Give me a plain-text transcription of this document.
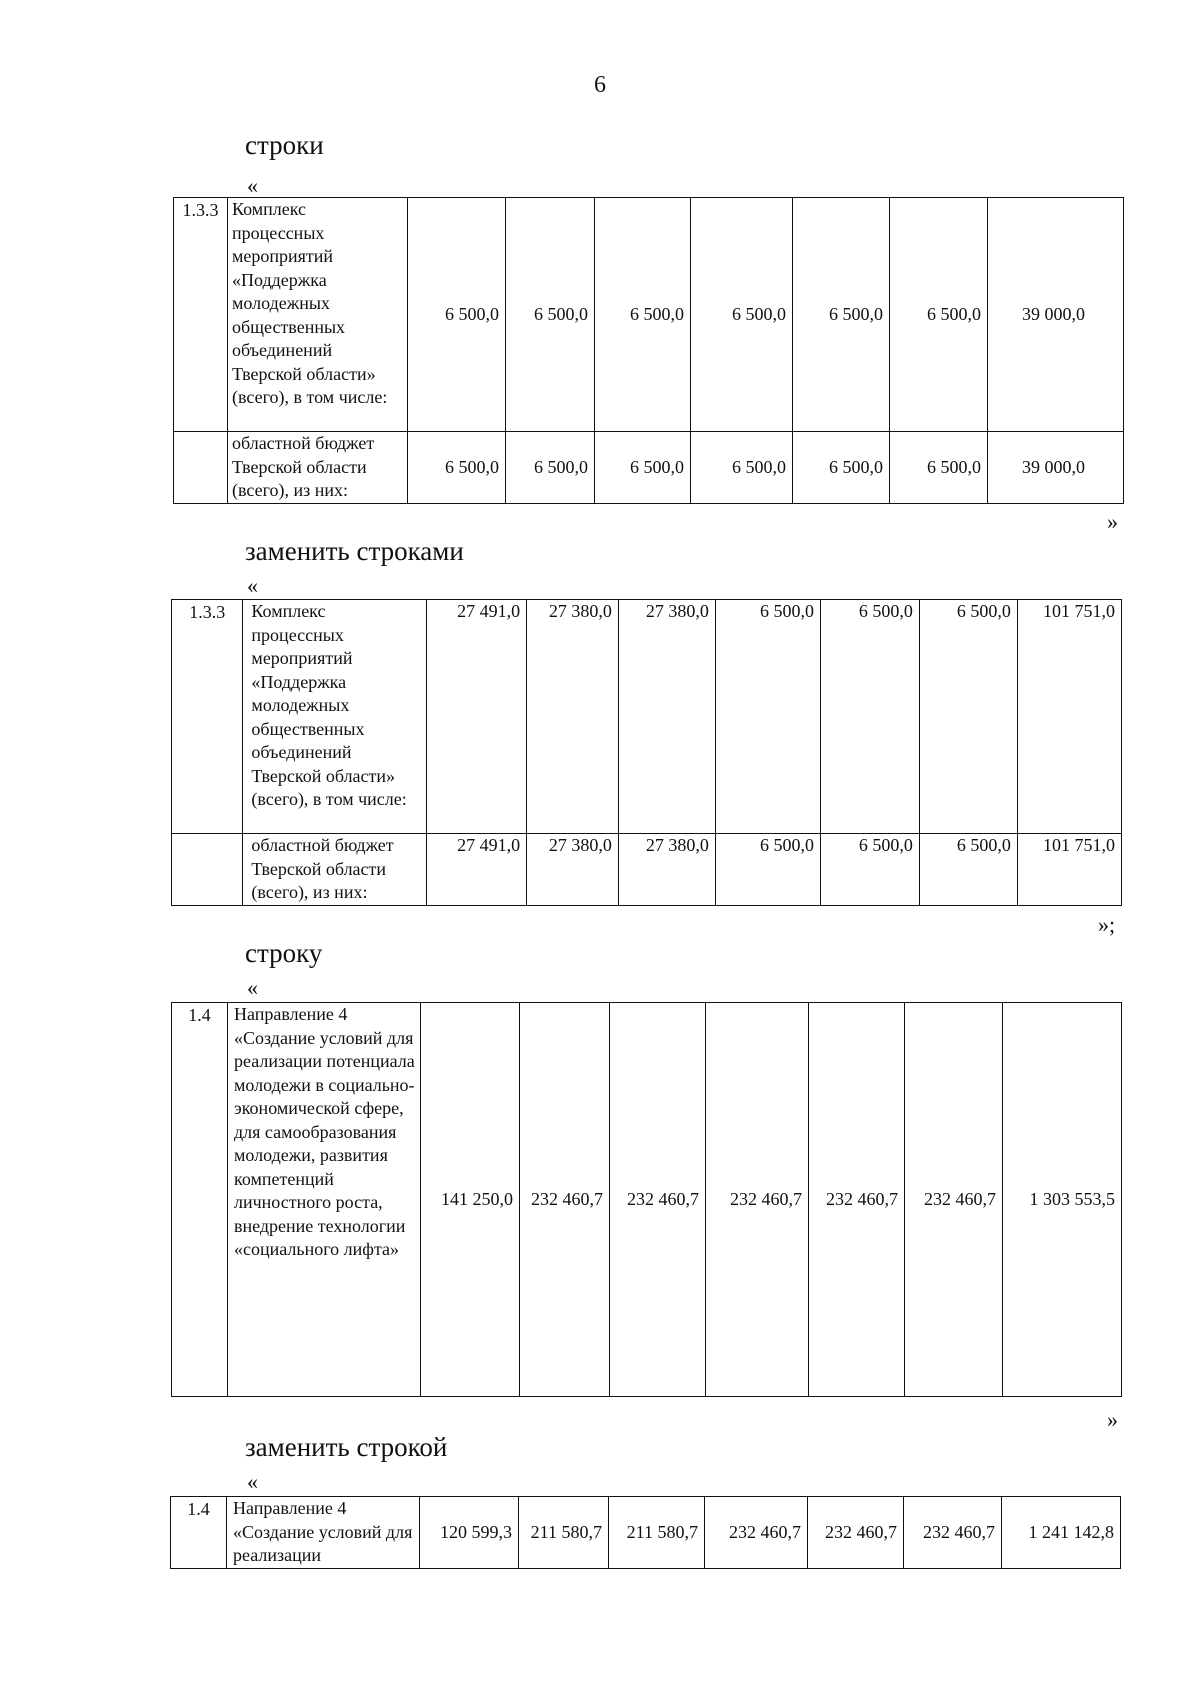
6
строки
«
1.3.3	Комплекс процессных мероприятий «Поддержка молодежных общественных объединений Тверской области» (всего), в том числе:	6 500,0	6 500,0	6 500,0	6 500,0	6 500,0	6 500,0	39 000,0
	областной бюджет Тверской области (всего), из них:	6 500,0	6 500,0	6 500,0	6 500,0	6 500,0	6 500,0	39 000,0
»
заменить строками
«
1.3.3	Комплекс процессных мероприятий «Поддержка молодежных общественных объединений Тверской области» (всего), в том числе:	27 491,0	27 380,0	27 380,0	6 500,0	6 500,0	6 500,0	101 751,0
	областной бюджет Тверской области (всего), из них:	27 491,0	27 380,0	27 380,0	6 500,0	6 500,0	6 500,0	101 751,0
»;
строку
«
1.4	Направление 4 «Создание условий для реализации потенциала молодежи в социально-экономической сфере, для самообразования молодежи, развития компетенций личностного роста, внедрение технологии «социального лифта»	141 250,0	232 460,7	232 460,7	232 460,7	232 460,7	232 460,7	1 303 553,5
»
заменить строкой
«
1.4	Направление 4 «Создание условий для реализации	120 599,3	211 580,7	211 580,7	232 460,7	232 460,7	232 460,7	1 241 142,8
